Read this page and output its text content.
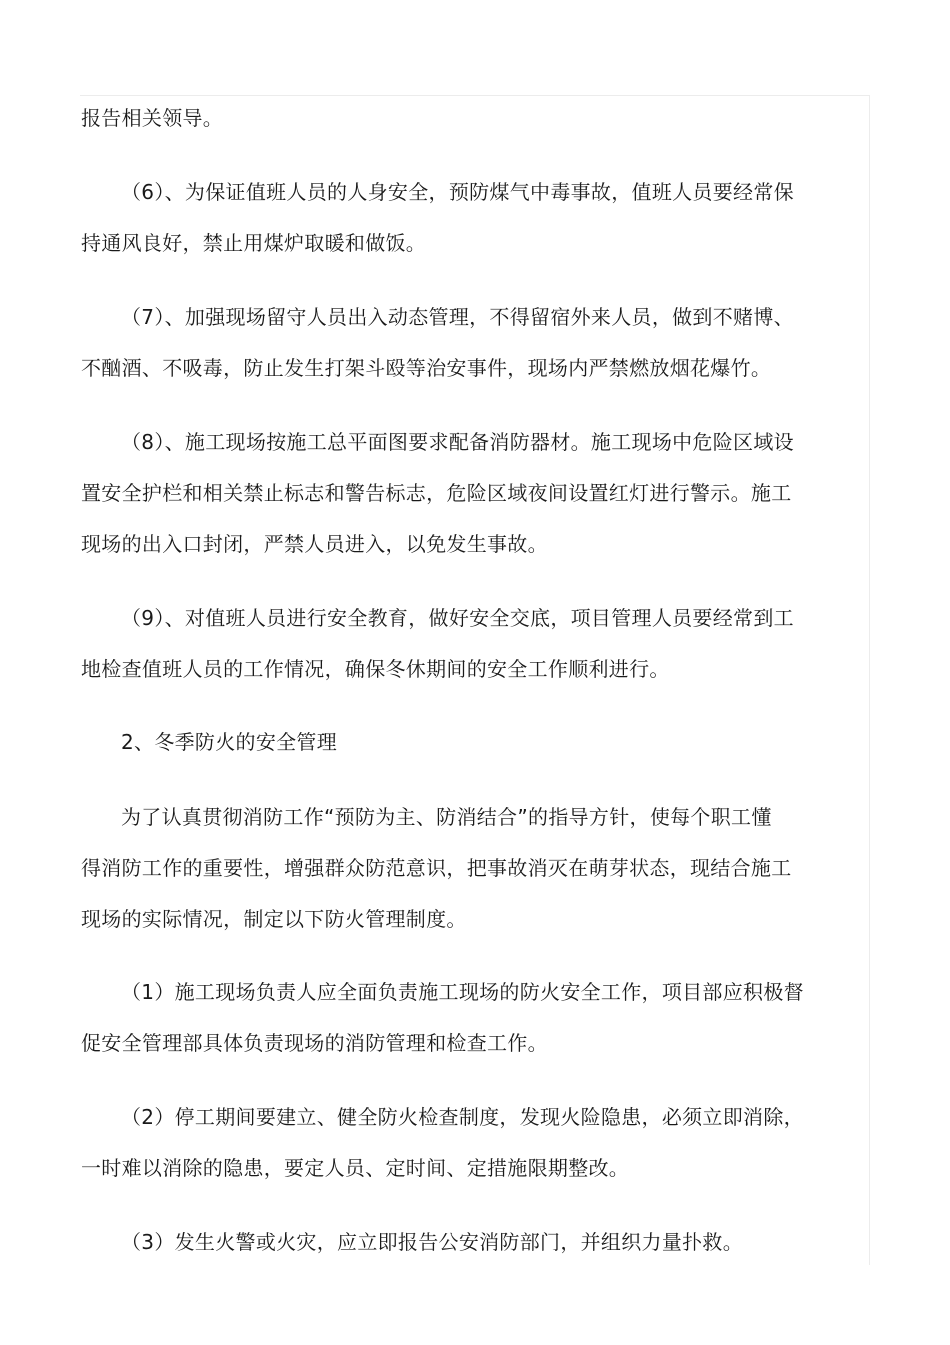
报告相关领导。
（6）、为保证值班人员的人身安全，预防煤气中毒事故，值班人员要经常保
持通风良好，禁止用煤炉取暖和做饭。
（7）、加强现场留守人员出入动态管理，不得留宿外来人员，做到不赌博、
不酗酒、不吸毒，防止发生打架斗殴等治安事件，现场内严禁燃放烟花爆竹。
（8）、施工现场按施工总平面图要求配备消防器材。施工现场中危险区域设
置安全护栏和相关禁止标志和警告标志，危险区域夜间设置红灯进行警示。施工
现场的出入口封闭，严禁人员进入，以免发生事故。
（9）、对值班人员进行安全教育，做好安全交底，项目管理人员要经常到工
地检查值班人员的工作情况，确保冬休期间的安全工作顺利进行。
2、冬季防火的安全管理
为了认真贯彻消防工作“预防为主、防消结合”的指导方针，使每个职工懂
得消防工作的重要性，增强群众防范意识，把事故消灭在萌芽状态，现结合施工
现场的实际情况，制定以下防火管理制度。
（1）施工现场负责人应全面负责施工现场的防火安全工作，项目部应积极督
促安全管理部具体负责现场的消防管理和检查工作。
（2）停工期间要建立、健全防火检查制度，发现火险隐患，必须立即消除，
一时难以消除的隐患，要定人员、定时间、定措施限期整改。
（3）发生火警或火灾，应立即报告公安消防部门，并组织力量扑救。
